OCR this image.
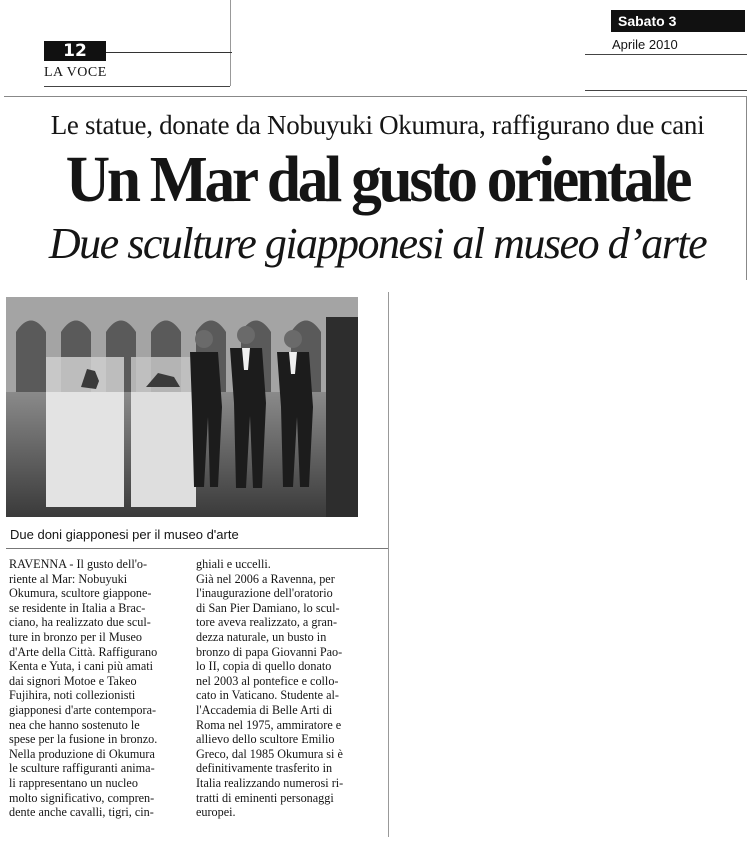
12
LA VOCE
Sabato 3
Aprile 2010
Le statue, donate da Nobuyuki Okumura, raffigurano due cani
Un Mar dal gusto orientale
Due sculture giapponesi al museo d’arte
Due doni giapponesi per il museo d'arte
RAVENNA - Il gusto dell'o-
riente al Mar: Nobuyuki
Okumura, scultore giappone-
se residente in Italia a Brac-
ciano, ha realizzato due scul-
ture in bronzo per il Museo
d'Arte della Città. Raffigurano
Kenta e Yuta, i cani più amati
dai signori Motoe e Takeo
Fujihira, noti collezionisti
giapponesi d'arte contempora-
nea che hanno sostenuto le
spese per la fusione in bronzo.
Nella produzione di Okumura
le sculture raffiguranti anima-
li rappresentano un nucleo
molto significativo, compren-
dente anche cavalli, tigri, cin-
ghiali e uccelli.
Già nel 2006 a Ravenna, per
l'inaugurazione dell'oratorio
di San Pier Damiano, lo scul-
tore aveva realizzato, a gran-
dezza naturale, un busto in
bronzo di papa Giovanni Pao-
lo II, copia di quello donato
nel 2003 al pontefice e collo-
cato in Vaticano. Studente al-
l'Accademia di Belle Arti di
Roma nel 1975, ammiratore e
allievo dello scultore Emilio
Greco, dal 1985 Okumura si è
definitivamente trasferito in
Italia realizzando numerosi ri-
tratti di eminenti personaggi
europei.
